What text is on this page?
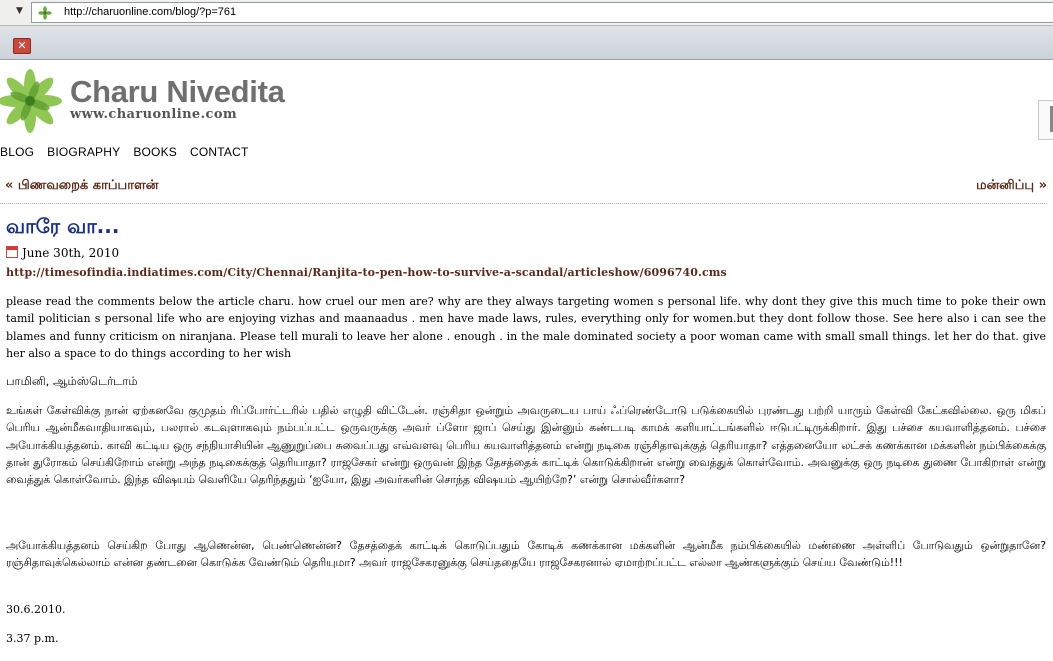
▼	http://charuonline.com/blog/?p=761
✕
Charu Nivedita
www.charuonline.com
BLOG BIOGRAPHY BOOKS CONTACT
« பிணவறைக் காப்பாளன்	மன்னிப்பு »
வாரே வா...
June 30th, 2010
http://timesofindia.indiatimes.com/City/Chennai/Ranjita-to-pen-how-to-survive-a-scandal/articleshow/6096740.cms
please read the comments below the article charu. how cruel our men are? why are they always targeting women s personal life. why dont they give this much time to poke their own tamil politician s personal life who are enjoying vizhas and maanaadus . men have made laws, rules, everything only for women.but they dont follow those. See here also i can see the blames and funny criticism on niranjana. Please tell murali to leave her alone . enough . in the male dominated society a poor woman came with small small things. let her do that. give her also a space to do things according to her wish
பாமினி, ஆம்ஸ்டெர்டாம்
உங்கள் கேள்விக்கு நான் ஏற்கனவே குமுதம் ரிப்போர்ட்டரில் பதில் எழுதி விட்டேன். ரஞ்சிதா ஒன்றும் அவருடைய பாய் ஃப்ரெண்டோடு படுக்கையில் புரண்டது பற்றி யாரும் கேள்வி கேட்கவில்லை. ஒரு மிகப் பெரிய ஆன்மீகவாதியாகவும், பலரால் கடவுளாகவும் நம்பப்பட்ட ஒருவருக்கு அவர் ப்ளோ ஜாப் செய்து இன்னும் கண்டபடி காமக் களியாட்டங்களில் ஈடுபட்டிருக்கிறார். இது பச்சை கயவாளித்தனம். பச்சை அயோக்கியத்தனம். காவி கட்டிய ஒரு சந்நியாசியின் ஆணுறுப்பை சுவைப்பது எவ்வளவு பெரிய கயவாளித்தனம் என்று நடிகை ரஞ்சிதாவுக்குத் தெரியாதா? எத்தனையோ லட்சக் கணக்கான மக்களின் நம்பிக்கைக்கு தான் துரோகம் செய்கிறோம் என்று அந்த நடிகைக்குத் தெரியாதா? ராஜசேகர் என்று ஒருவன் இந்த தேசத்தைக் காட்டிக் கொடுக்கிறான் என்று வைத்துக் கொள்வோம். அவனுக்கு ஒரு நடிகை துணை போகிறாள் என்று வைத்துக் கொள்வோம். இந்த விஷயம் வெளியே தெரிந்ததும் ‘ஐயோ, இது அவர்களின் சொந்த விஷயம் ஆயிற்றே?’ என்று சொல்வீர்களா?
அயோக்கியத்தனம் செய்கிற போது ஆணென்ன, பெண்ணென்ன? தேசத்தைக் காட்டிக் கொடுப்பதும் கோடிக் கணக்கான மக்களின் ஆன்மீக நம்பிக்கையில் மண்ணை அள்ளிப் போடுவதும் ஒன்றுதானே? ரஞ்சிதாவுக்கெல்லாம் என்ன தண்டனை கொடுக்க வேண்டும் தெரியுமா? அவர் ராஜசேகரனுக்கு செய்ததையே ராஜசேகரனால் ஏமாற்றப்பட்ட எல்லா ஆண்களுக்கும் செய்ய வேண்டும்!!!
30.6.2010.
3.37 p.m.
